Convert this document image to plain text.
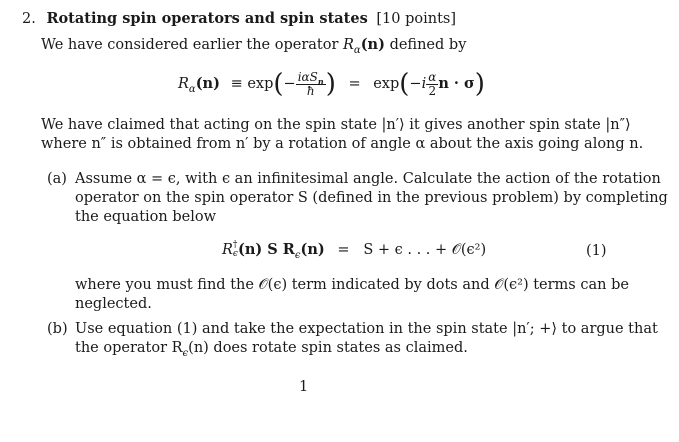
2. Rotating spin operators and spin states [10 points]
We have considered earlier the operator $R_\alpha(n)$ defined by
$R_\alpha(n) \equiv \exp(- \frac{i\alpha S_n}{ħ}$ ) = $\exp(-i \frac{\alpha}{2}$ n · σ)
We have claimed that acting on the spin state |n′⟩ it gives another spin state |n″⟩
where n″ is obtained from n′ by a rotation of angle α about the axis going along n.
(a) Assume α = ϵ, with ϵ an infinitesimal angle. Calculate the action of the rotation
operator on the spin operator S (defined in the previous problem) by completing
the equation below
R †
ϵ (n) S $R_\epsilon(n) = S + \epsilon$ . . . + 𝒪(ϵ²)	(1)
where you must find the 𝒪(ϵ) term indicated by dots and 𝒪(ϵ²) terms can be
neglected.
(b) Use equation (1) and take the expectation in the spin state |n′; +⟩ to argue that
the operator $R_\epsilon(n)$ does rotate spin states as claimed.
1
